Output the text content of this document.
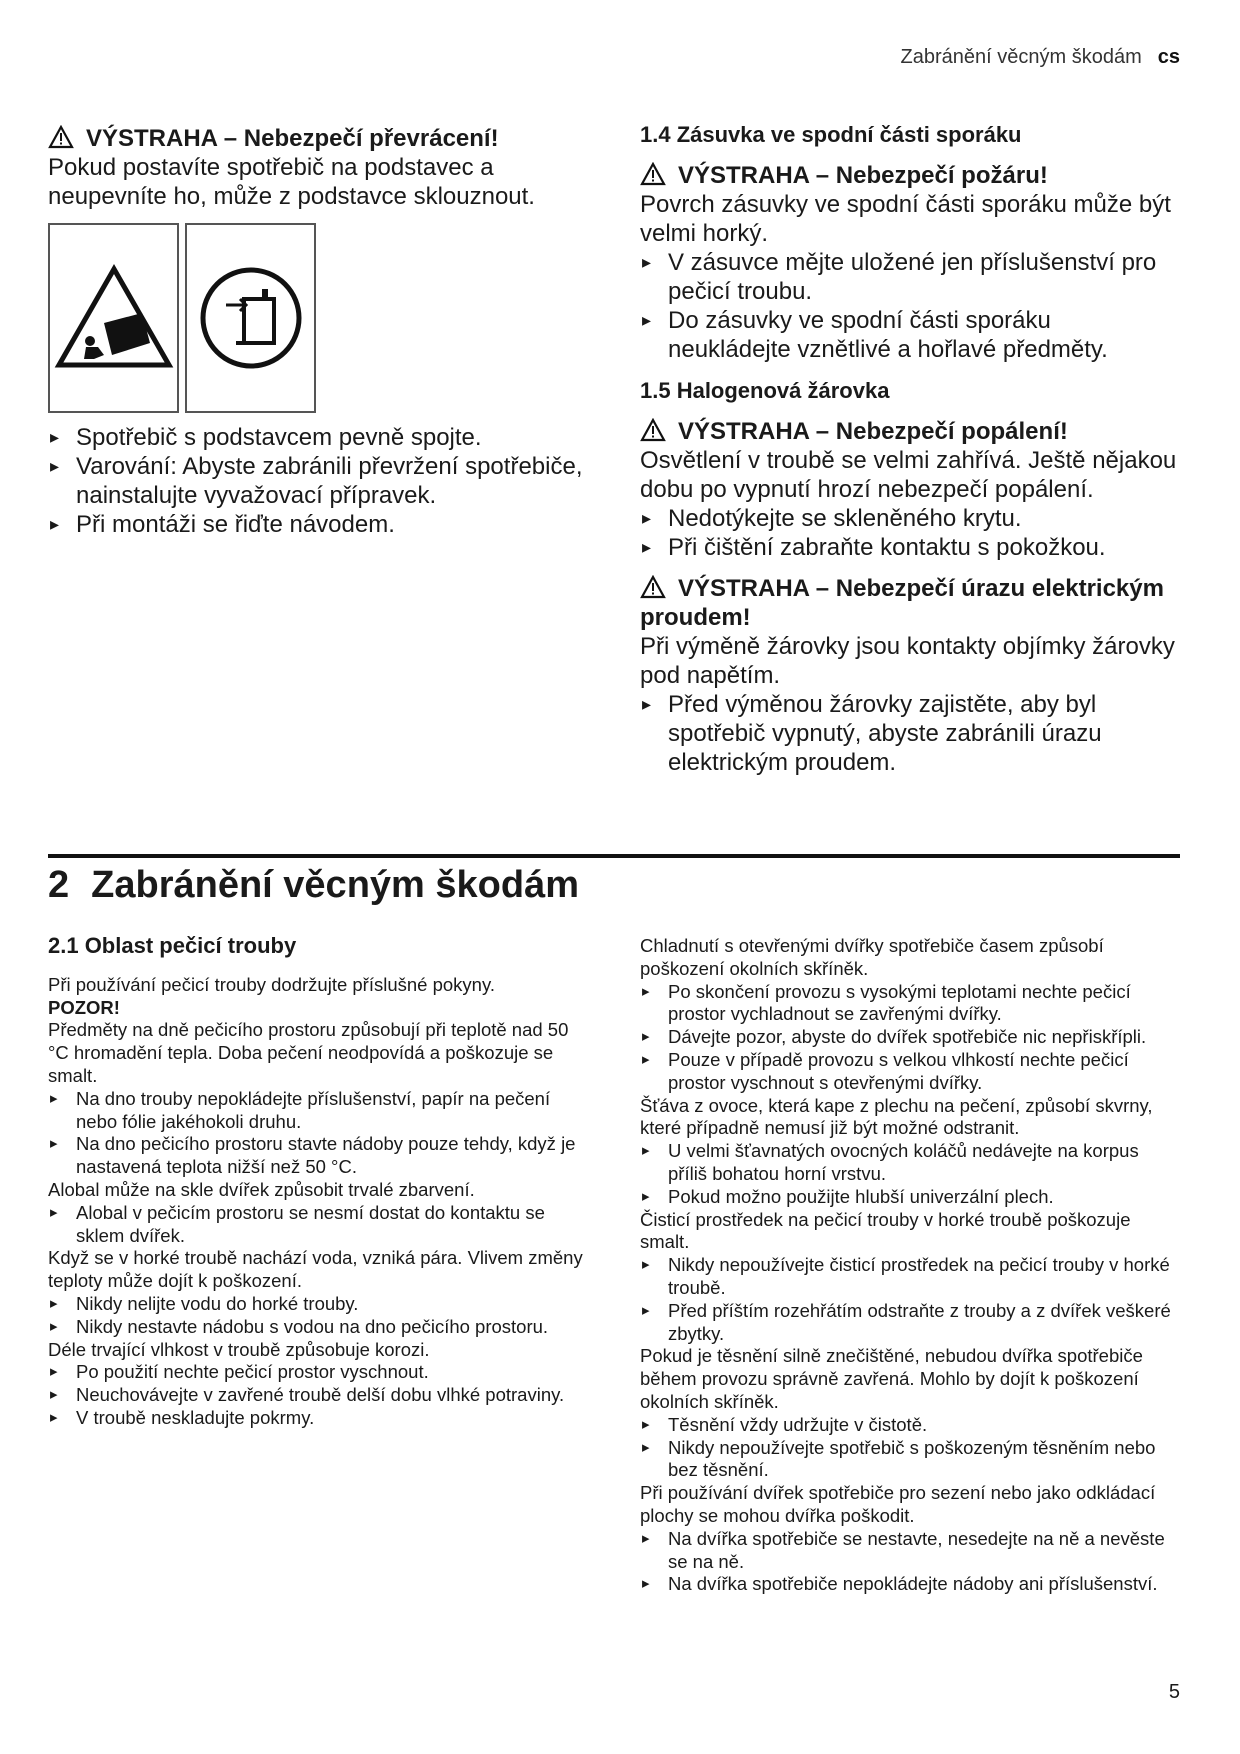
Zabránění věcným škodám cs
VÝSTRAHA – Nebezpečí převrácení!

Pokud postavíte spotřebič na podstavec a neupevníte ho, může z podstavce sklouznout.

▸ Spotřebič s podstavcem pevně spojte.
▸ Varování: Abyste zabránili převržení spotřebiče, nainstalujte vyvažovací přípravek.
▸ Při montáži se řiďte návodem.

1.4 Zásuvka ve spodní části sporáku

VÝSTRAHA – Nebezpečí požáru!

Povrch zásuvky ve spodní části sporáku může být velmi horký.

▸ V zásuvce mějte uložené jen příslušenství pro pečicí troubu.
▸ Do zásuvky ve spodní části sporáku neukládejte vznětlivé a hořlavé předměty.

1.5 Halogenová žárovka

VÝSTRAHA – Nebezpečí popálení!

Osvětlení v troubě se velmi zahřívá. Ještě nějakou dobu po vypnutí hrozí nebezpečí popálení.

▸ Nedotýkejte se skleněného krytu.
▸ Při čištění zabraňte kontaktu s pokožkou.
VÝSTRAHA – Nebezpečí úrazu elektrickým proudem!

Při výměně žárovky jsou kontakty objímky žárovky pod napětím.

▸ Před výměnou žárovky zajistěte, aby byl spotřebič vypnutý, abyste zabránili úrazu elektrickým proudem.
2 Zabránění věcným škodám

2.1 Oblast pečicí trouby

Při používání pečicí trouby dodržujte příslušné pokyny.

POZOR!

Předměty na dně pečicího prostoru způsobují při teplotě nad 50 °C hromadění tepla. Doba pečení neodpovídá a poškozuje se smalt.

▸ Na dno trouby nepokládejte příslušenství, papír na pečení nebo fólie jakéhokoli druhu.
▸ Na dno pečicího prostoru stavte nádoby pouze tehdy, když je nastavená teplota nižší než 50 °C.

Alobal může na skle dvířek způsobit trvalé zbarvení.

▸ Alobal v pečicím prostoru se nesmí dostat do kontaktu se sklem dvířek.

Když se v horké troubě nachází voda, vzniká pára. Vlivem změny teploty může dojít k poškození.

▸ Nikdy nelijte vodu do horké trouby.
▸ Nikdy nestavte nádobu s vodou na dno pečicího prostoru.

Déle trvající vlhkost v troubě způsobuje korozi.

▸ Po použití nechte pečicí prostor vyschnout.
▸ Neuchovávejte v zavřené troubě delší dobu vlhké potraviny.
▸ V troubě neskladujte pokrmy.

Chladnutí s otevřenými dvířky spotřebiče časem způsobí poškození okolních skříněk.

▸ Po skončení provozu s vysokými teplotami nechte pečicí prostor vychladnout se zavřenými dvířky.
▸ Dávejte pozor, abyste do dvířek spotřebiče nic nepřiskřípli.
▸ Pouze v případě provozu s velkou vlhkostí nechte pečicí prostor vyschnout s otevřenými dvířky.

Šťáva z ovoce, která kape z plechu na pečení, způsobí skvrny, které případně nemusí již být možné odstranit.

▸ U velmi šťavnatých ovocných koláčů nedávejte na korpus příliš bohatou horní vrstvu.
▸ Pokud možno použijte hlubší univerzální plech.

Čisticí prostředek na pečicí trouby v horké troubě poškozuje smalt.

▸ Nikdy nepoužívejte čisticí prostředek na pečicí trouby v horké troubě.
▸ Před příštím rozehřátím odstraňte z trouby a z dvířek veškeré zbytky.

Pokud je těsnění silně znečištěné, nebudou dvířka spotřebiče během provozu správně zavřená. Mohlo by dojít k poškození okolních skříněk.

▸ Těsnění vždy udržujte v čistotě.
▸ Nikdy nepoužívejte spotřebič s poškozeným těsněním nebo bez těsnění.

Při používání dvířek spotřebiče pro sezení nebo jako odkládací plochy se mohou dvířka poškodit.

▸ Na dvířka spotřebiče se nestavte, nesedejte na ně a nevěste se na ně.
▸ Na dvířka spotřebiče nepokládejte nádoby ani příslušenství.
5
